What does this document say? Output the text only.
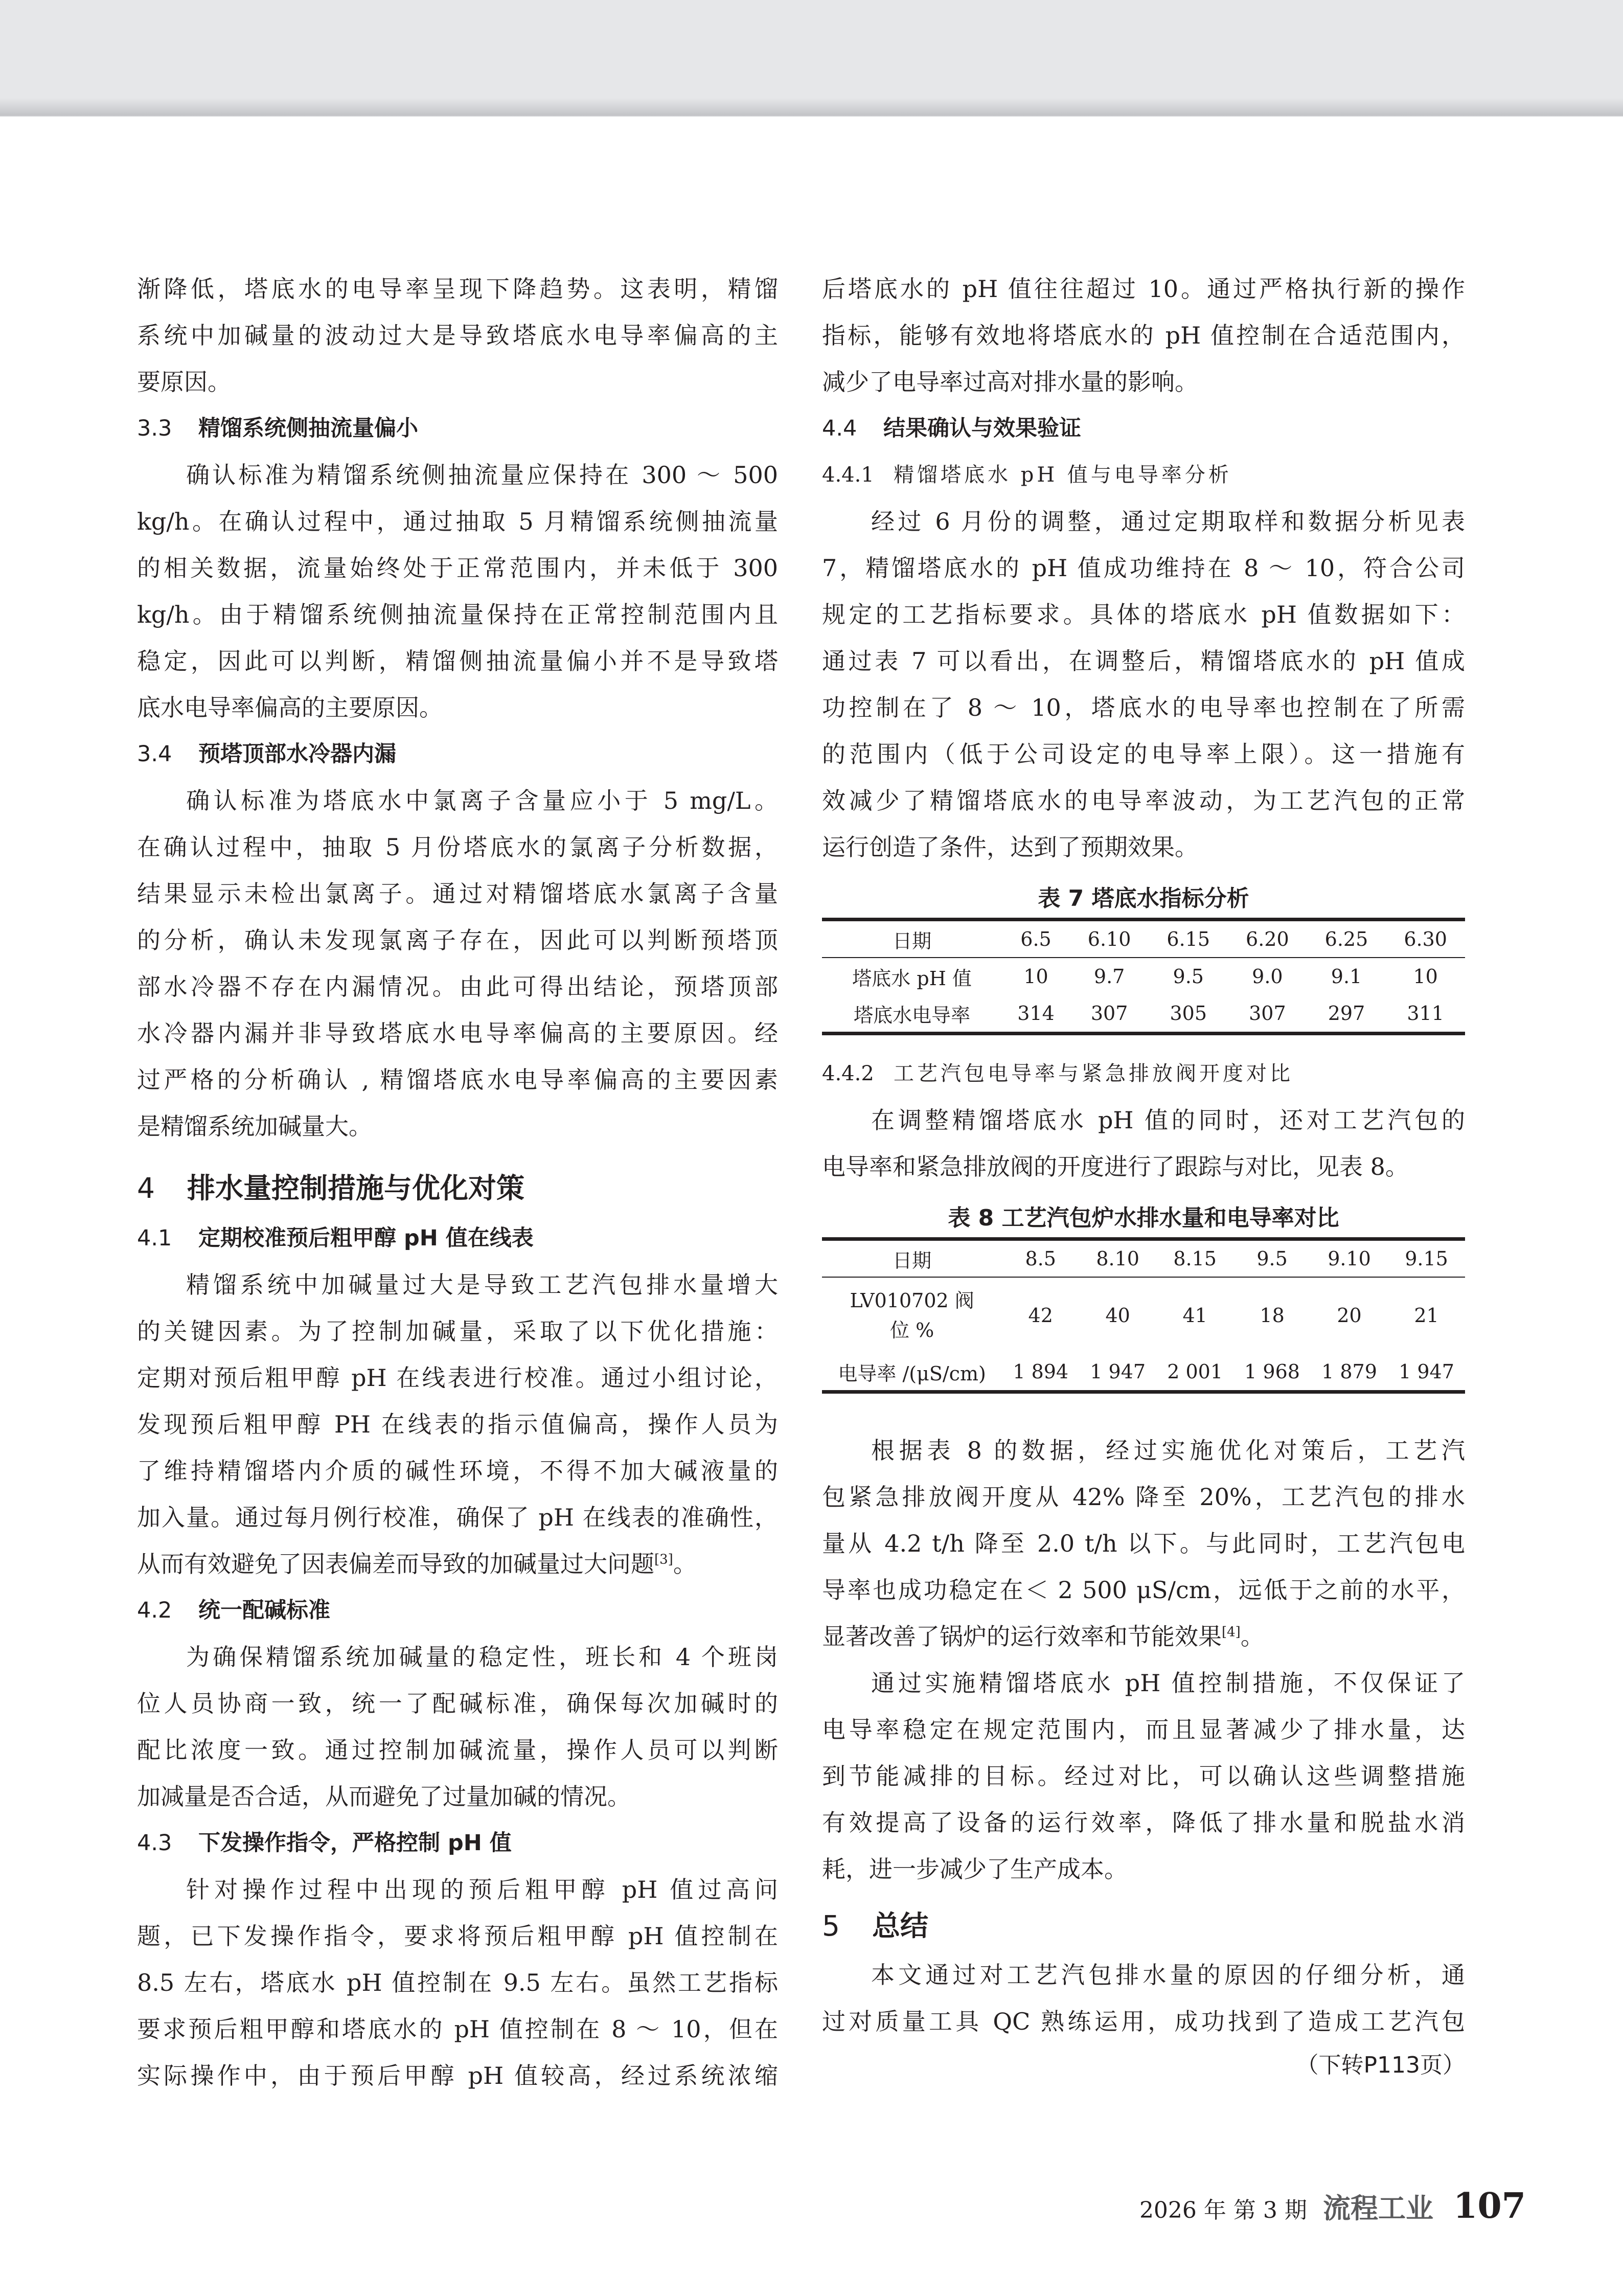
渐降低，塔底水的电导率呈现下降趋势。这表明，精馏
系统中加碱量的波动过大是导致塔底水电导率偏高的主
要原因。
3.3 精馏系统侧抽流量偏小
确认标准为精馏系统侧抽流量应保持在 300 ～ 500
kg/h。在确认过程中，通过抽取 5 月精馏系统侧抽流量
的相关数据，流量始终处于正常范围内，并未低于 300
kg/h。由于精馏系统侧抽流量保持在正常控制范围内且
稳定，因此可以判断，精馏侧抽流量偏小并不是导致塔
底水电导率偏高的主要原因。
3.4 预塔顶部水冷器内漏
确认标准为塔底水中氯离子含量应小于 5 mg/L。
在确认过程中，抽取 5 月份塔底水的氯离子分析数据，
结果显示未检出氯离子。通过对精馏塔底水氯离子含量
的分析，确认未发现氯离子存在，因此可以判断预塔顶
部水冷器不存在内漏情况。由此可得出结论，预塔顶部
水冷器内漏并非导致塔底水电导率偏高的主要原因。经
过严格的分析确认 , 精馏塔底水电导率偏高的主要因素
是精馏系统加碱量大。
4 排水量控制措施与优化对策
4.1 定期校准预后粗甲醇 pH 值在线表
精馏系统中加碱量过大是导致工艺汽包排水量增大
的关键因素。为了控制加碱量，采取了以下优化措施：
定期对预后粗甲醇 pH 在线表进行校准。通过小组讨论，
发现预后粗甲醇 PH 在线表的指示值偏高，操作人员为
了维持精馏塔内介质的碱性环境，不得不加大碱液量的
加入量。通过每月例行校准，确保了 pH 在线表的准确性，
从而有效避免了因表偏差而导致的加碱量过大问题[3]。
4.2 统一配碱标准
为确保精馏系统加碱量的稳定性，班长和 4 个班岗
位人员协商一致，统一了配碱标准，确保每次加碱时的
配比浓度一致。通过控制加碱流量，操作人员可以判断
加减量是否合适，从而避免了过量加碱的情况。
4.3 下发操作指令，严格控制 pH 值
针对操作过程中出现的预后粗甲醇 pH 值过高问
题，已下发操作指令，要求将预后粗甲醇 pH 值控制在
8.5 左右，塔底水 pH 值控制在 9.5 左右。虽然工艺指标
要求预后粗甲醇和塔底水的 pH 值控制在 8 ～ 10，但在
实际操作中，由于预后甲醇 pH 值较高，经过系统浓缩
后塔底水的 pH 值往往超过 10。通过严格执行新的操作
指标，能够有效地将塔底水的 pH 值控制在合适范围内，
减少了电导率过高对排水量的影响。
4.4 结果确认与效果验证
4.4.1 精馏塔底水 pH 值与电导率分析
经过 6 月份的调整，通过定期取样和数据分析见表
7，精馏塔底水的 pH 值成功维持在 8 ～ 10，符合公司
规定的工艺指标要求。具体的塔底水 pH 值数据如下：
通过表 7 可以看出，在调整后，精馏塔底水的 pH 值成
功控制在了 8 ～ 10，塔底水的电导率也控制在了所需
的范围内（低于公司设定的电导率上限）。这一措施有
效减少了精馏塔底水的电导率波动，为工艺汽包的正常
运行创造了条件，达到了预期效果。
表 7 塔底水指标分析
日期	6.5	6.10	6.15	6.20	6.25	6.30
塔底水 pH 值	10	9.7	9.5	9.0	9.1	10
塔底水电导率	314	307	305	307	297	311
4.4.2 工艺汽包电导率与紧急排放阀开度对比
在调整精馏塔底水 pH 值的同时，还对工艺汽包的
电导率和紧急排放阀的开度进行了跟踪与对比，见表 8。
表 8 工艺汽包炉水排水量和电导率对比
日期	8.5	8.10	8.15	9.5	9.10	9.15
LV010702 阀
位 %	42	40	41	18	20	21
电导率 /(μS/cm)	1 894	1 947	2 001	1 968	1 879	1 947
根据表 8 的数据，经过实施优化对策后，工艺汽
包紧急排放阀开度从 42% 降至 20%，工艺汽包的排水
量从 4.2 t/h 降至 2.0 t/h 以下。与此同时，工艺汽包电
导率也成功稳定在＜ 2 500 μS/cm，远低于之前的水平，
显著改善了锅炉的运行效率和节能效果[4]。
通过实施精馏塔底水 pH 值控制措施，不仅保证了
电导率稳定在规定范围内，而且显著减少了排水量，达
到节能减排的目标。经过对比，可以确认这些调整措施
有效提高了设备的运行效率，降低了排水量和脱盐水消
耗，进一步减少了生产成本。
5 总结
本文通过对工艺汽包排水量的原因的仔细分析，通
过对质量工具 QC 熟练运用，成功找到了造成工艺汽包
（下转P113页）
2026 年 第 3 期 流程工业 107
